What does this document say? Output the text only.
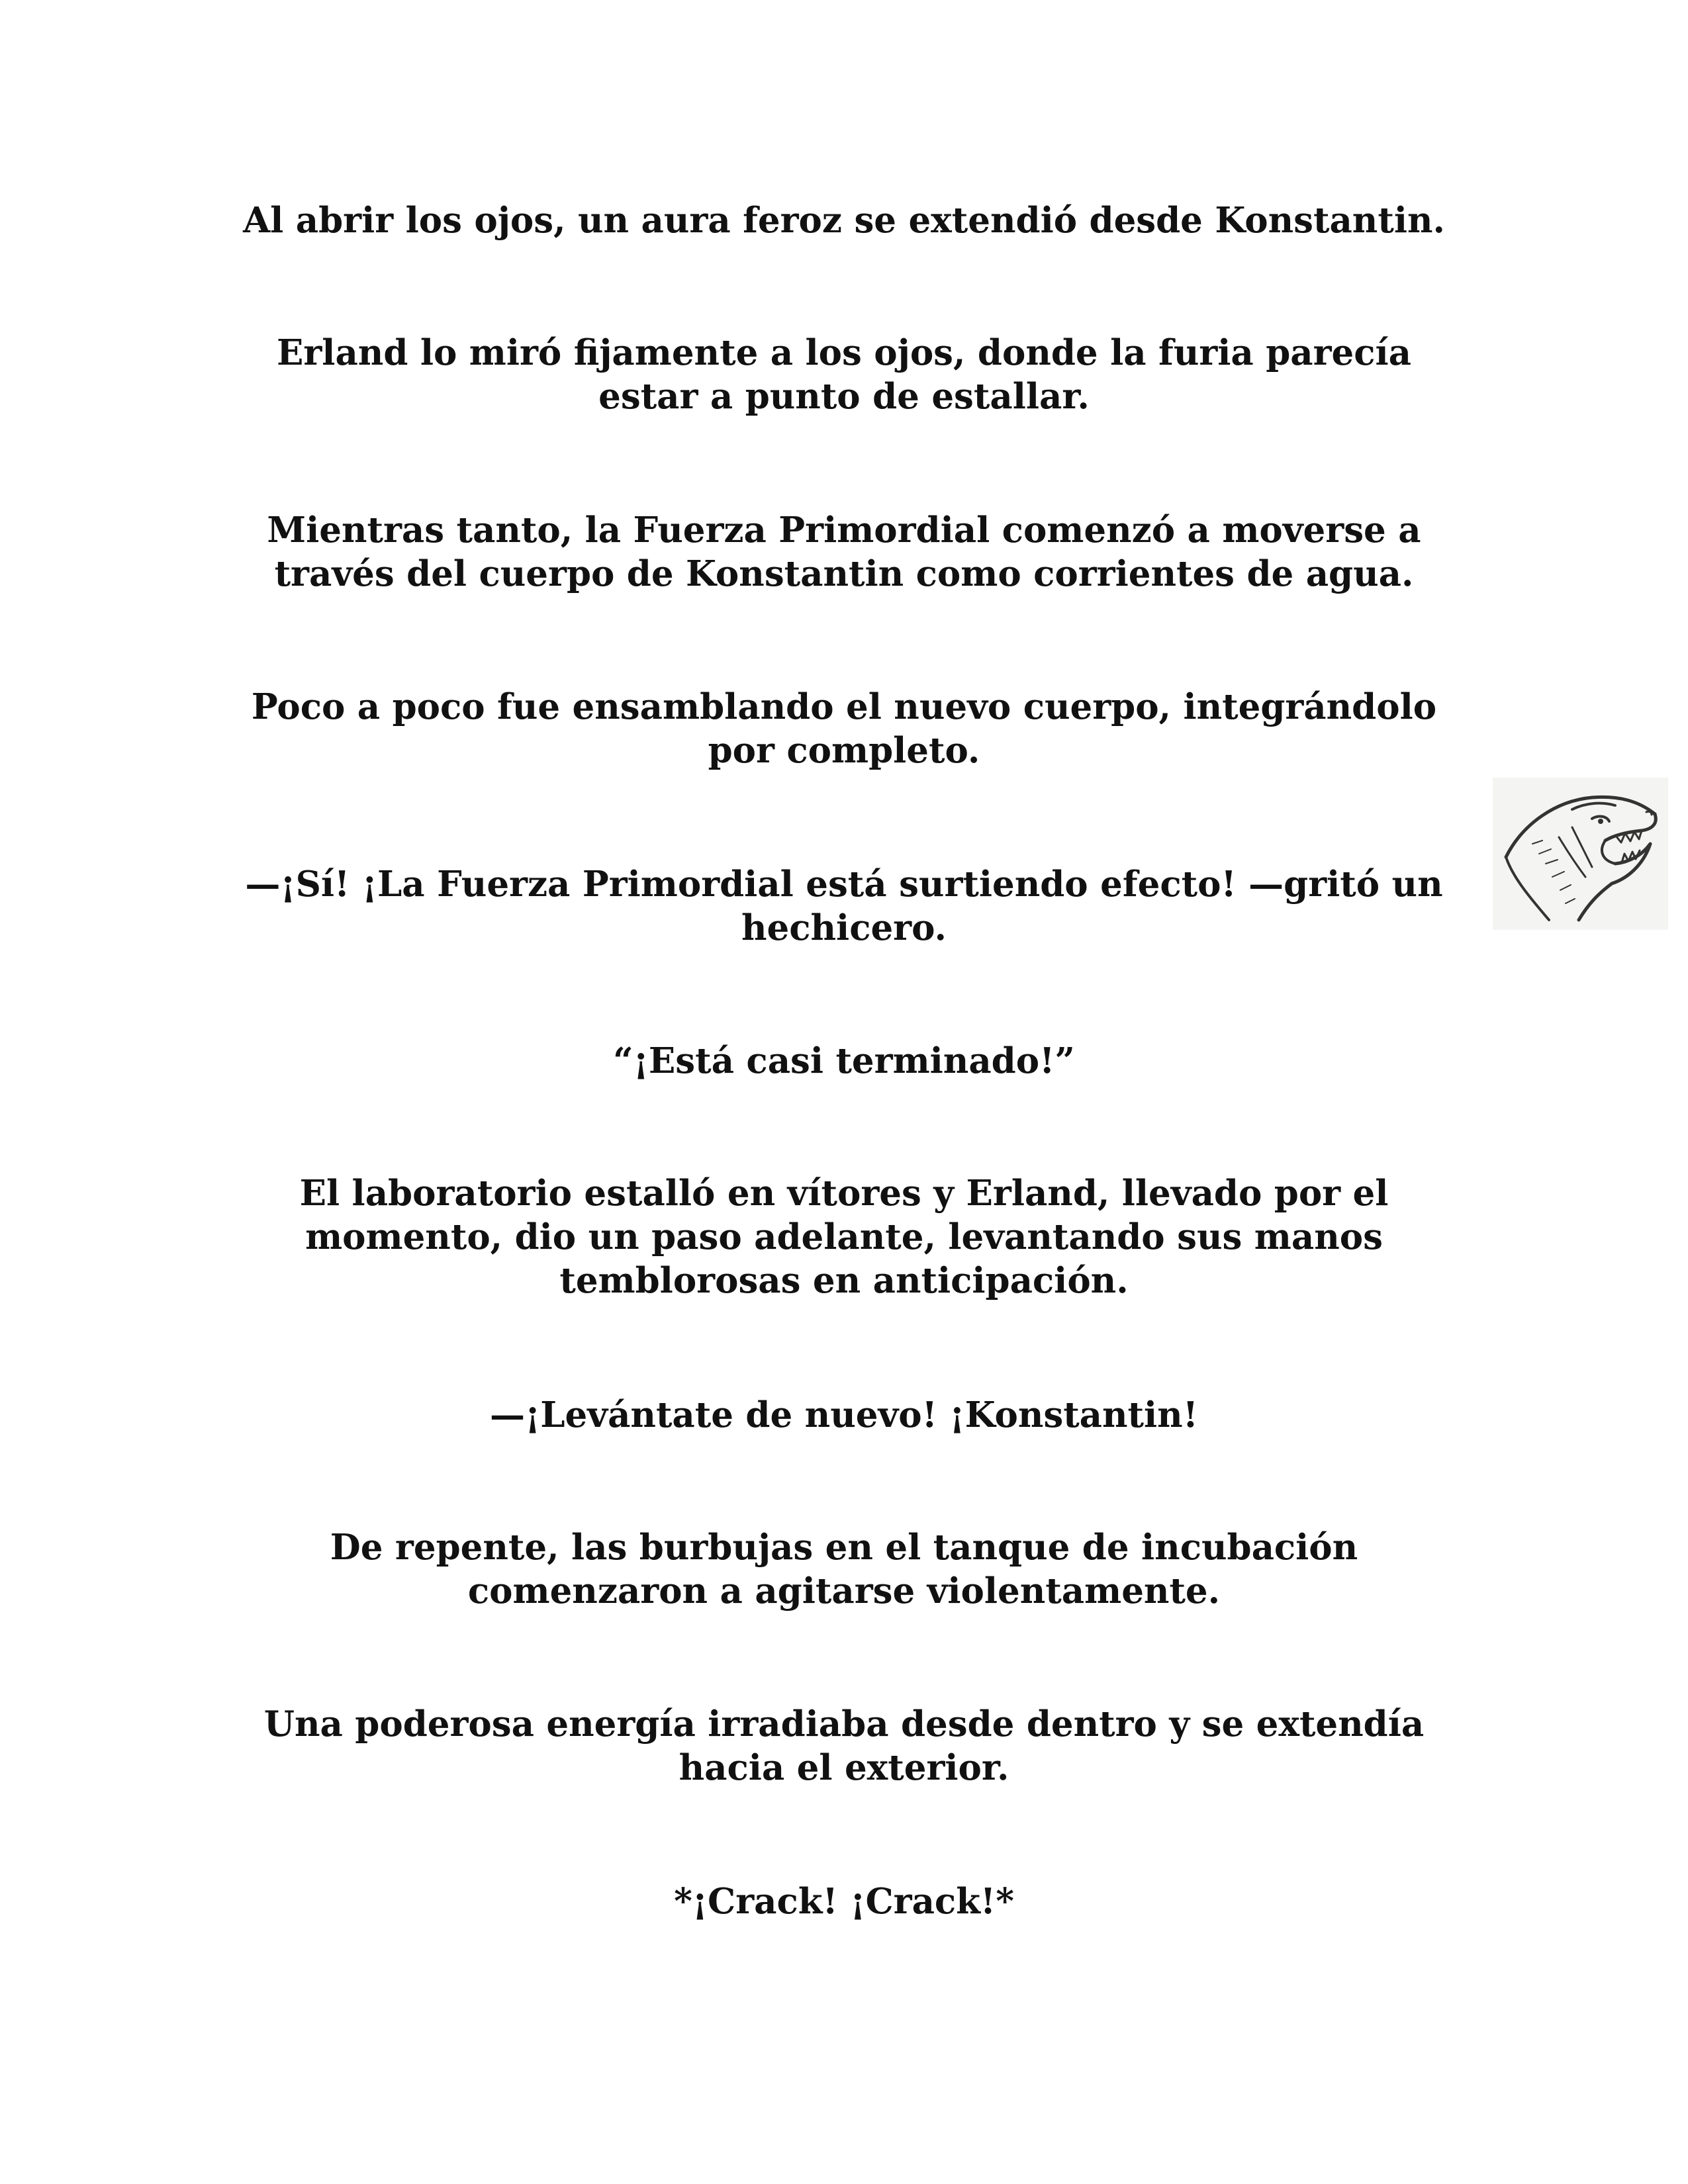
Al abrir los ojos, un aura feroz se extendió desde Konstantin.

Erland lo miró fijamente a los ojos, donde la furia parecía
estar a punto de estallar.

Mientras tanto, la Fuerza Primordial comenzó a moverse a
través del cuerpo de Konstantin como corrientes de agua.

Poco a poco fue ensamblando el nuevo cuerpo, integrándolo
por completo.

—¡Sí! ¡La Fuerza Primordial está surtiendo efecto! —gritó un
hechicero.

“¡Está casi terminado!”

El laboratorio estalló en vítores y Erland, llevado por el
momento, dio un paso adelante, levantando sus manos
temblorosas en anticipación.

—¡Levántate de nuevo! ¡Konstantin!

De repente, las burbujas en el tanque de incubación
comenzaron a agitarse violentamente.

Una poderosa energía irradiaba desde dentro y se extendía
hacia el exterior.

*¡Crack! ¡Crack!*
